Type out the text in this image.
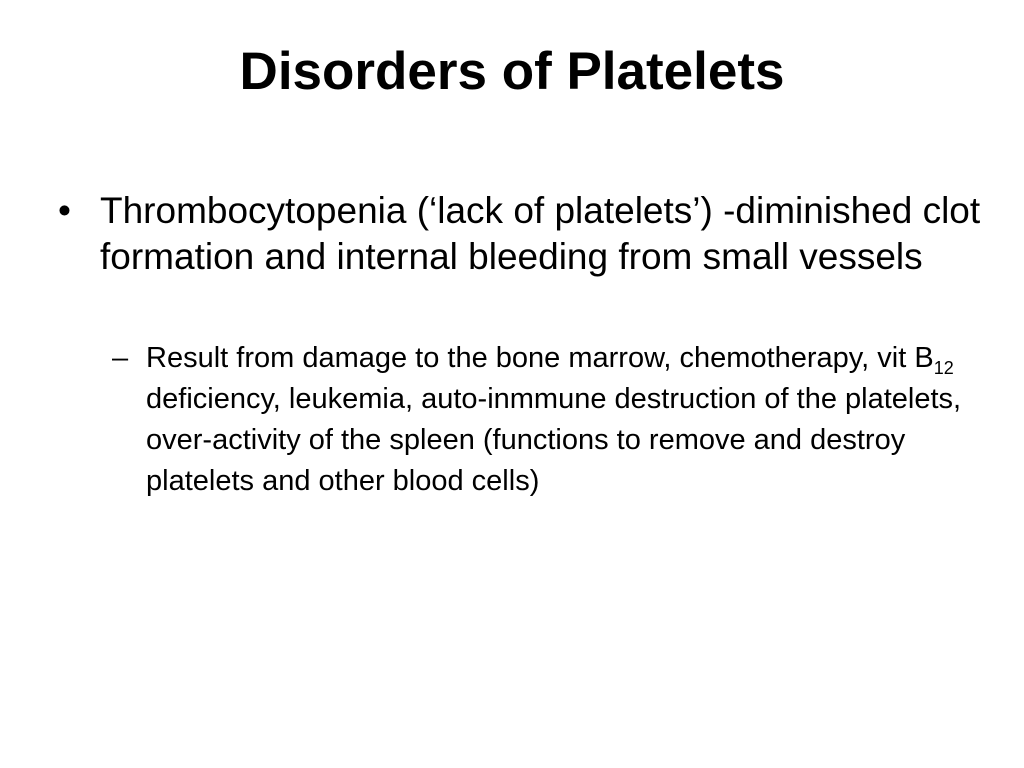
Disorders of Platelets
• Thrombocytopenia (‘lack of platelets’) -diminished clot formation and internal bleeding from small vessels
– Result from damage to the bone marrow, chemotherapy, vit $B_{12}$ deficiency, leukemia, auto-inmmune destruction of the platelets, over-activity of the spleen (functions to remove and destroy platelets and other blood cells)
